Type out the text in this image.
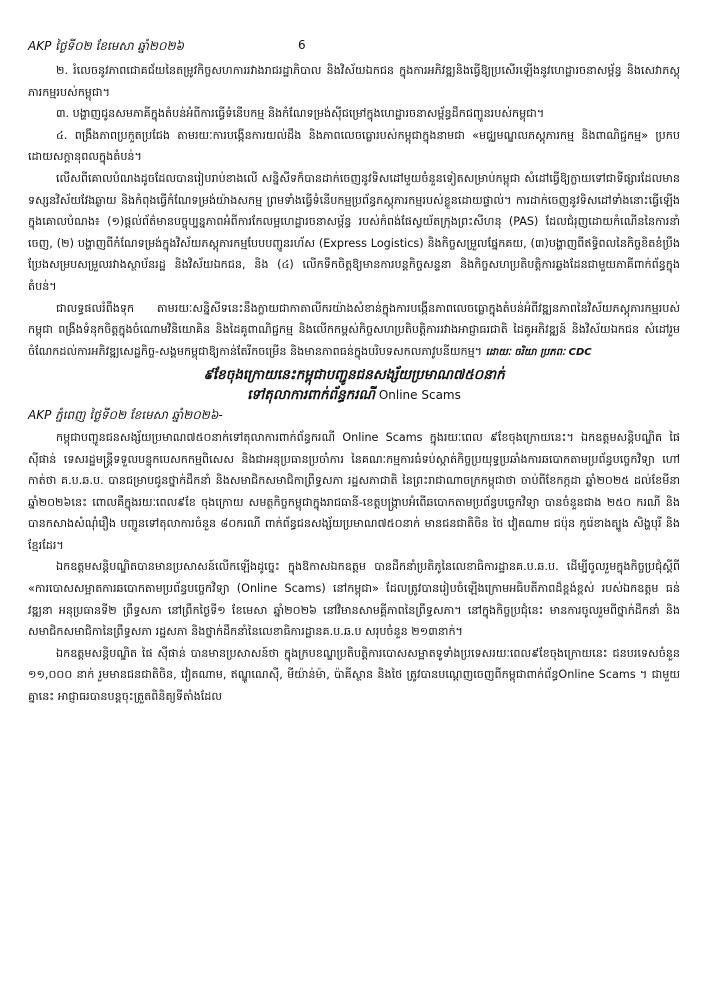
AKP ថ្ងៃទី០២ ខែមេសា ឆ្នាំ២០២៦	6

២. រំលេចនូវភាពជោគជ័យនៃតម្រូវកិច្ចសហការរវាងរាជរដ្ឋាភិបាល និងវិស័យឯកជន ក្នុងការអភិវឌ្ឍនិងធ្វើឱ្យប្រសើរឡើងនូវហេដ្ឋារចនាសម្ព័ន្ធ និងសេវាភស្តុភារកម្មរបស់កម្ពុជា។

៣. បង្ហាញជូនសមភាគីក្នុងតំបន់អំពីការធ្វើទំនើបកម្ម និងកំណែទម្រង់ស៊ីជម្រៅក្នុងហេដ្ឋារចនាសម្ព័ន្ធដឹកជញ្ជូនរបស់កម្ពុជា។

៤. ពង្រឹងភាពប្រកួតប្រជែង តាមរយៈការបង្កើនការយល់ដឹង និងភាពលេចធ្លោរបស់កម្ពុជាក្នុងនាមជា «មជ្ឈមណ្ឌលភស្តុភារកម្ម និងពាណិជ្ជកម្ម» ប្រកបដោយសក្តានុពលក្នុងតំបន់។

លើសពីគោលបំណងដូចដែលបានរៀបរាប់ខាងលើ សន្និសីទក៏បានដាក់ចេញនូវទិសដៅមួយចំនួនទៀតសម្រាប់កម្ពុជា សំដៅធ្វើឱ្យក្លាយទៅជាទីផ្សារដែលមានទស្សនវិស័យវែងឆ្ងាយ និងកំពុងធ្វើកំណែទម្រង់យ៉ាងសកម្ម ព្រមទាំងធ្វើទំនើបកម្មប្រព័ន្ធភស្តុភារកម្មរបស់ខ្លួនដោយផ្ទាល់។ ការដាក់ចេញនូវទិសដៅទាំងនោះធ្វើឡើងក្នុងគោលបំណង៖ (១)ផ្តល់ព័ត៌មានបច្ចុប្បន្នភាពអំពីការកែលម្អហេដ្ឋារចនាសម្ព័ន្ធ របស់កំពង់ផែស្វយ័តក្រុងព្រះសីហនុ (PAS) ដែលជំរុញដោយកំណើននៃការនាំចេញ, (២) បង្ហាញពីកំណែទម្រង់ក្នុងវិស័យភស្តុភារកម្មបែបបញ្ជូនរហ័ស (Express Logistics) និងកិច្ចសម្រួលផ្នែកគយ, (៣)បង្ហាញពីឥទ្ធិពលនៃកិច្ចខិតខំប្រឹងប្រែងសម្របសម្រួលរវាងស្ថាប័នរដ្ឋ និងវិស័យឯកជន, និង (៤) លើកទឹកចិត្តឱ្យមានការបន្តកិច្ចសន្ទនា និងកិច្ចសហប្រតិបត្តិការឆ្លងដែនជាមួយភាគីពាក់ព័ន្ធក្នុងតំបន់។

ជាលទ្ធផលរំពឹងទុក តាមរយៈសន្និសីទនេះនឹងក្លាយជាកាតាលីករយ៉ាងសំខាន់ក្នុងការបង្កើនភាពលេចធ្លោក្នុងតំបន់អំពីវឌ្ឍនភាពនៃវិស័យភស្តុភារកម្មរបស់កម្ពុជា ពង្រឹងទំនុកចិត្តក្នុងចំណោមវិនិយោគិន និងដៃគូពាណិជ្ជកម្ម និងលើកកម្ពស់កិច្ចសហប្រតិបត្តិការរវាងអាជ្ញាធរជាតិ ដៃគូអភិវឌ្ឍន៍ និងវិស័យឯកជន សំដៅរួមចំណែកដល់ការអភិវឌ្ឍសេដ្ឋកិច្ច-សង្គមកម្ពុជាឱ្យកាន់តែរីកចម្រើន និងមានភាពធន់ក្នុងបរិបទសកលភាវូបនីយកម្ម។ ដោយៈ ចរិយា ប្រភពៈ CDC

៩ខែចុងក្រោយនេះកម្ពុជាបញ្ជូនជនសង្ស័យប្រមាណ៧៥០នាក់
ទៅតុលាការពាក់ព័ន្ធករណី Online Scams

AKP ភ្នំពេញ ថ្ងៃទី០២ ខែមេសា ឆ្នាំ២០២៦-

កម្ពុជាបញ្ជូនជនសង្ស័យប្រមាណ៧៥០នាក់ទៅតុលាការពាក់ព័ន្ធករណី Online Scams ក្នុងរយៈពេល ៩ខែចុងក្រោយនេះ។ ឯកឧត្តមសន្តិបណ្ឌិត ផៃ ស៊ីផាន់ ទេសរដ្ឋមន្ត្រីទទួលបន្ទុកបេសកកម្មពិសេស និងជាអនុប្រធានប្រចាំការ នៃគណៈកម្មការធំទប់ស្កាត់កិច្ចប្រយុទ្ធប្រឆាំងការឆបោកតាមប្រព័ន្ធបច្ចេកវិទ្យា ហៅកាត់ថា គ.ប.ឆ.ប. បានជម្រាបជូនថ្នាក់ដឹកនាំ និងសមាជិកសមាជិកាព្រឹទ្ធសភា រដ្ឋសភាជាតិ នៃព្រះរាជាណាចក្រកម្ពុជាថា ចាប់ពីខែកក្កដា ឆ្នាំ២០២៥ ដល់ខែមីនា ឆ្នាំ២០២៦នេះ ពោលគឺក្នុងរយៈពេល៩ខែ ចុងក្រោយ សមត្ថកិច្ចកម្ពុជាក្នុងរាជធានី-ខេត្តបង្ក្រាបអំពើឆបោកតាមប្រព័ន្ធបច្ចេកវិទ្យា បានចំនួនជាង ២៥០ ករណី និងបានកសាងសំណុំរឿង បញ្ជូនទៅតុលាការចំនួន ៨០ករណី ពាក់ព័ន្ធជនសង្ស័យប្រមាណ៧៥០នាក់ មានជនជាតិចិន ថៃ វៀតណាម ជប៉ុន កូរ៉េខាងត្បូង សិង្ហបុរី និងខ្មែរដែរ។

ឯកឧត្តមសន្តិបណ្ឌិតបានមានប្រសាសន៍លើកឡើងដូច្នេះ ក្នុងឱកាសឯកឧត្តម បានដឹកនាំប្រតិភូនៃលេខាធិការដ្ឋានគ.ប.ឆ.ប. ដើម្បីចូលរួមក្នុងកិច្ចប្រជុំស្តីពី «ការបោសសម្អាតការឆបោកតាមប្រព័ន្ធបច្ចេកវិទ្យា (Online Scams) នៅកម្ពុជា» ដែលត្រូវបានរៀបចំឡើងក្រោមអធិបតីភាពដ៏ខ្ពង់ខ្ពស់ របស់ឯកឧត្តម ធន់ វឌ្ឍនា អនុប្រធានទី២ ព្រឹទ្ធសភា នៅព្រឹកថ្ងៃទី១ ខែមេសា ឆ្នាំ២០២៦ នៅវិមានសាមគ្គីភាពនៃព្រឹទ្ធសភា។ នៅក្នុងកិច្ចប្រជុំនេះ មានការចូលរួមពីថ្នាក់ដឹកនាំ និងសមាជិកសមាជិកានៃព្រឹទ្ធសភា រដ្ឋសភា និងថ្នាក់ដឹកនាំនៃលេខាធិការដ្ឋានគ.ប.ឆ.ប សរុបចំនួន ២១៣នាក់។

ឯកឧត្តមសន្តិបណ្ឌិត ផៃ ស៊ីផាន់ បានមានប្រសាសន៍ថា ក្នុងក្របខណ្ឌប្រតិបត្តិការបោសសម្អាតទូទាំងប្រទេសរយៈពេល៩ខែចុងក្រោយនេះ ជនបរទេសចំនួន ១១,០០០ នាក់ រួមមានជនជាតិចិន, វៀតណាម, ឥណ្ឌូណេស៊ី, មីយ៉ាន់ម៉ា, ប៉ាគីស្ថាន និងថៃ ត្រូវបានបណ្តេញចេញពីកម្ពុជាពាក់ព័ន្ធOnline Scams ។ ជាមួយគ្នានេះ អាជ្ញាធរបានបន្តចុះត្រួតពិនិត្យទីតាំងដែល
